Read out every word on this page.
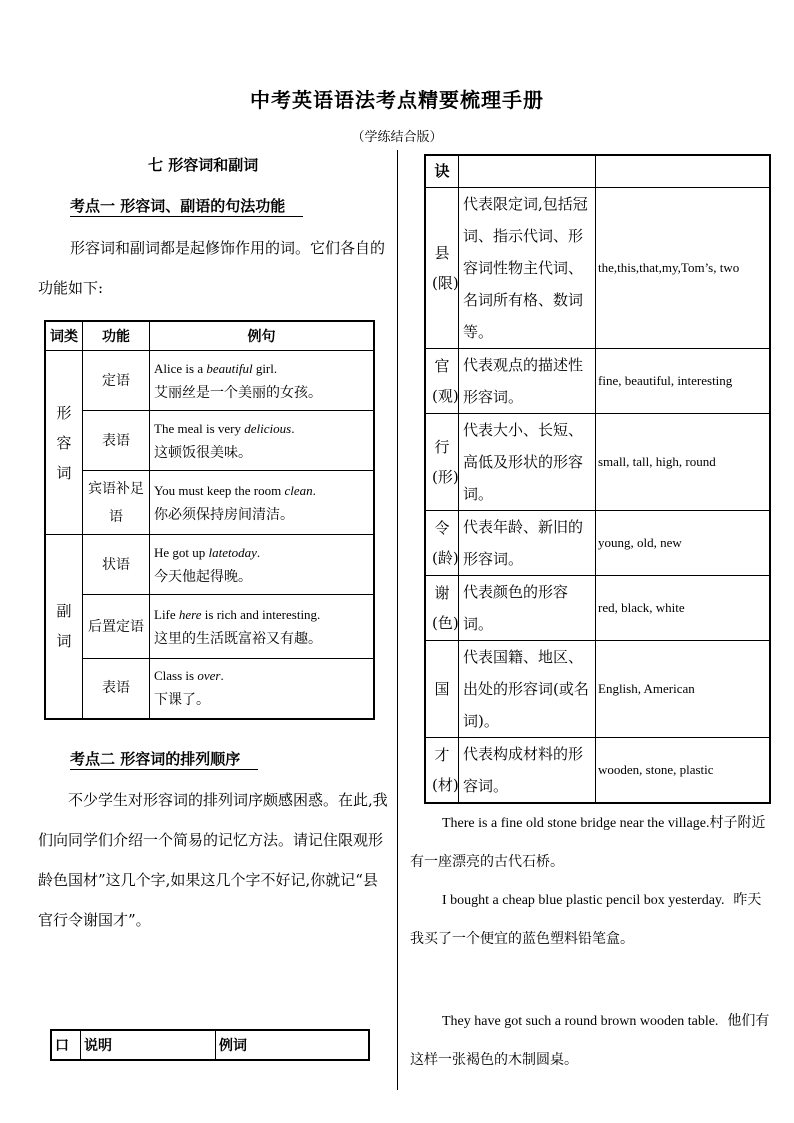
中考英语语法考点精要梳理手册
（学练结合版）
七 形容词和副词
考点一 形容词、副语的句法功能
形容词和副词都是起修饰作用的词。它们各自的功能如下:
词类	功能	例句

形容词	定语	Alice is a beautiful girl.
艾丽丝是一个美丽的女孩。

	表语	The meal is very delicious.
这顿饭很美味。

	宾语补足语	You must keep the room clean.
你必须保持房间清洁。

副词	状语	He got up latetoday.
今天他起得晚。

	后置定语	Life here is rich and interesting.
这里的生活既富裕又有趣。

	表语	Class is over.
下课了。
考点二 形容词的排列顺序
不少学生对形容词的排列词序颇感困惑。在此,我们向同学们介绍一个简易的记忆方法。请记住限观形龄色国材”这几个字,如果这几个字不好记,你就记“县官行令谢国才”。
口	说明	例词
诀		

县(限)	代表限定词,包括冠词、指示代词、形容词性物主代词、名词所有格、数词等。	the,this,that,my,Tom’s, two

官(观)	代表观点的描述性形容词。	fine, beautiful, interesting

行(形)	代表大小、长短、高低及形状的形容词。	small, tall, high, round

令(龄)	代表年龄、新旧的形容词。	young, old, new

谢(色)	代表颜色的形容词。	red, black, white
国	代表国籍、地区、出处的形容词(或名词)。	English, American

才(材)	代表构成材料的形容词。	wooden, stone, plastic
There is a fine old stone bridge near the village.村子附近有一座漂亮的古代石桥。
I bought a cheap blue plastic pencil box yesterday. 昨天我买了一个便宜的蓝色塑料铅笔盒。
They have got such a round brown wooden table. 他们有这样一张褐色的木制圆桌。
